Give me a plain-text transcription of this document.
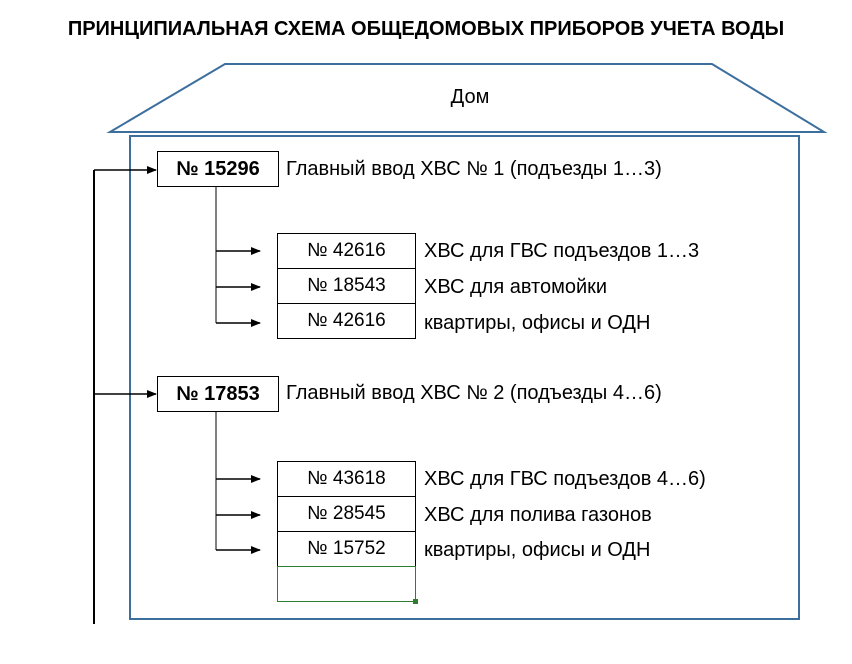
ПРИНЦИПИАЛЬНАЯ СХЕМА ОБЩЕДОМОВЫХ ПРИБОРОВ УЧЕТА ВОДЫ
Дом
№ 15296	Главный ввод ХВС № 1 (подъезды 1…3)
№ 42616	ХВС для ГВС подъездов 1…3
№ 18543	ХВС для автомойки
№ 42616	квартиры, офисы и ОДН
№ 17853	Главный ввод ХВС № 2 (подъезды 4…6)
№ 43618	ХВС для ГВС подъездов 4…6)
№ 28545	ХВС для полива газонов
№ 15752	квартиры, офисы и ОДН
